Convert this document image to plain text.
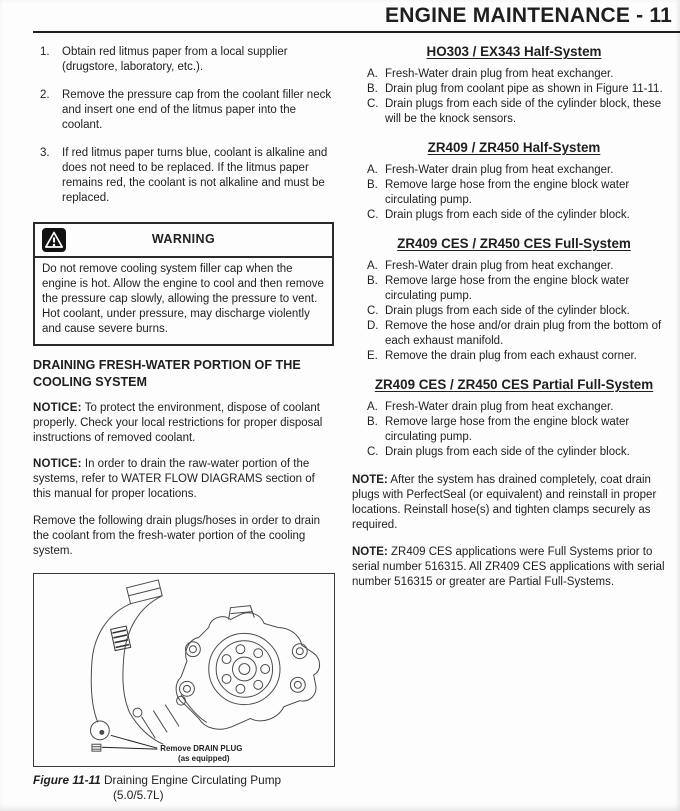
ENGINE MAINTENANCE - 11
1.	Obtain red litmus paper from a local supplier (drugstore, laboratory, etc.).
2.	Remove the pressure cap from the coolant filler neck and insert one end of the litmus paper into the coolant.
3.	If red litmus paper turns blue, coolant is alkaline and does not need to be replaced. If the litmus paper remains red, the coolant is not alkaline and must be replaced.
WARNING
Do not remove cooling system filler cap when the engine is hot. Allow the engine to cool and then remove the pressure cap slowly, allowing the pressure to vent. Hot coolant, under pressure, may discharge violently and cause severe burns.
DRAINING FRESH-WATER PORTION OF THE COOLING SYSTEM

NOTICE: To protect the environment, dispose of coolant properly. Check your local restrictions for proper disposal instructions of removed coolant.

NOTICE: In order to drain the raw-water portion of the systems, refer to WATER FLOW DIAGRAMS section of this manual for proper locations.

Remove the following drain plugs/hoses in order to drain the coolant from the fresh-water portion of the cooling system.

Remove DRAIN PLUG
(as equipped)
Figure 11-11 Draining Engine Circulating Pump
(5.0/5.7L)
HO303 / EX343 Half-System
A. Fresh-Water drain plug from heat exchanger.
B. Drain plug from coolant pipe as shown in Figure 11-11.
C. Drain plugs from each side of the cylinder block, these will be the knock sensors.
ZR409 / ZR450 Half-System
A. Fresh-Water drain plug from heat exchanger.
B. Remove large hose from the engine block water circulating pump.
C. Drain plugs from each side of the cylinder block.
ZR409 CES / ZR450 CES Full-System
A. Fresh-Water drain plug from heat exchanger.
B. Remove large hose from the engine block water circulating pump.
C. Drain plugs from each side of the cylinder block.
D. Remove the hose and/or drain plug from the bottom of each exhaust manifold.
E. Remove the drain plug from each exhaust corner.
ZR409 CES / ZR450 CES Partial Full-System
A. Fresh-Water drain plug from heat exchanger.
B. Remove large hose from the engine block water circulating pump.
C. Drain plugs from each side of the cylinder block.

NOTE: After the system has drained completely, coat drain plugs with PerfectSeal (or equivalent) and reinstall in proper locations. Reinstall hose(s) and tighten clamps securely as required.

NOTE: ZR409 CES applications were Full Systems prior to serial number 516315. All ZR409 CES applications with serial number 516315 or greater are Partial Full-Systems.
